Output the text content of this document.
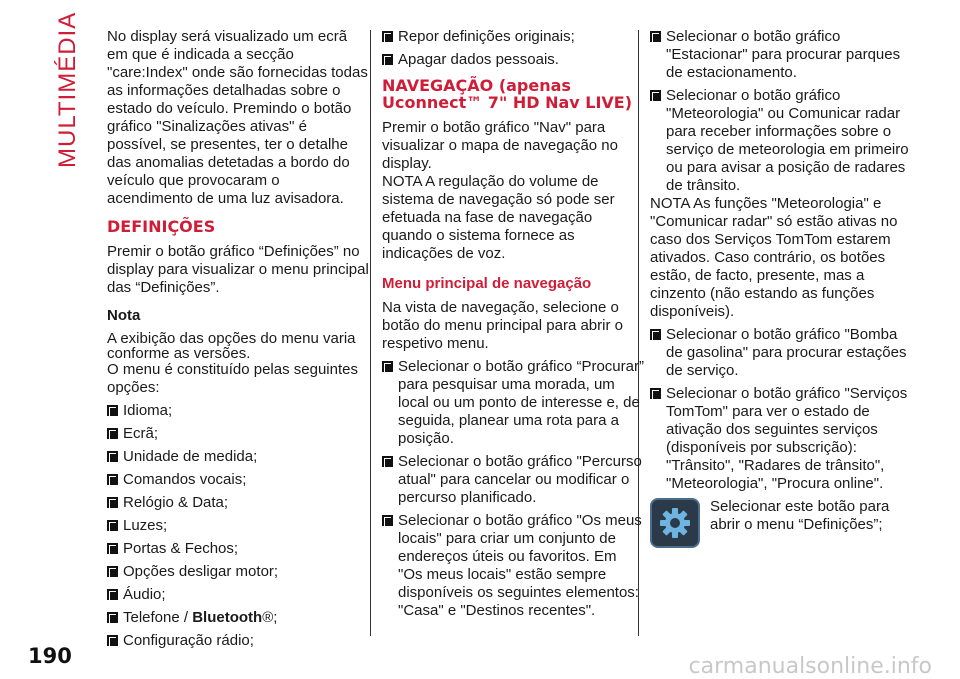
MULTIMÉDIA No display será visualizado um ecrã em que é indicada a secção "care:Index" onde são fornecidas todas as informações detalhadas sobre o estado do veículo. Premindo o botão gráfico "Sinalizações ativas" é possível, se presentes, ter o detalhe das anomalias detetadas a bordo do veículo que provocaram o acendimento de uma luz avisadora.

DEFINIÇÕES

Premir o botão gráfico “Definições” no display para visualizar o menu principal das “Definições”.

Nota

A exibição das opções do menu varia conforme as versões.

O menu é constituído pelas seguintes opções:

Idioma;
Ecrã;
Unidade de medida;
Comandos vocais;
Relógio & Data;
Luzes;
Portas & Fechos;
Opções desligar motor;
Áudio;
Telefone / Bluetooth®;
Configuração rádio;
Repor definições originais;
Apagar dados pessoais.
NAVEGAÇÃO (apenas Uconnect™ 7" HD Nav LIVE)

Premir o botão gráfico "Nav" para visualizar o mapa de navegação no display.

NOTA A regulação do volume de sistema de navegação só pode ser efetuada na fase de navegação quando o sistema fornece as indicações de voz.

Menu principal de navegação

Na vista de navegação, selecione o botão do menu principal para abrir o respetivo menu.

Selecionar o botão gráfico “Procurar” para pesquisar uma morada, um local ou um ponto de interesse e, de seguida, planear uma rota para a posição.
Selecionar o botão gráfico "Percurso atual" para cancelar ou modificar o percurso planificado.
Selecionar o botão gráfico "Os meus locais" para criar um conjunto de endereços úteis ou favoritos. Em "Os meus locais" estão sempre disponíveis os seguintes elementos: "Casa" e "Destinos recentes".
Selecionar o botão gráfico "Estacionar" para procurar parques de estacionamento.
Selecionar o botão gráfico "Meteorologia" ou Comunicar radar para receber informações sobre o serviço de meteorologia em primeiro ou para avisar a posição de radares de trânsito.

NOTA As funções "Meteorologia" e "Comunicar radar" só estão ativas no caso dos Serviços TomTom estarem ativados. Caso contrário, os botões estão, de facto, presente, mas a cinzento (não estando as funções disponíveis).

Selecionar o botão gráfico "Bomba de gasolina" para procurar estações de serviço.
Selecionar o botão gráfico "Serviços TomTom" para ver o estado de ativação dos seguintes serviços (disponíveis por subscrição): "Trânsito", "Radares de trânsito", "Meteorologia", "Procura online".

Selecionar este botão para abrir o menu “Definições”;

190	carmanualsonline.info
